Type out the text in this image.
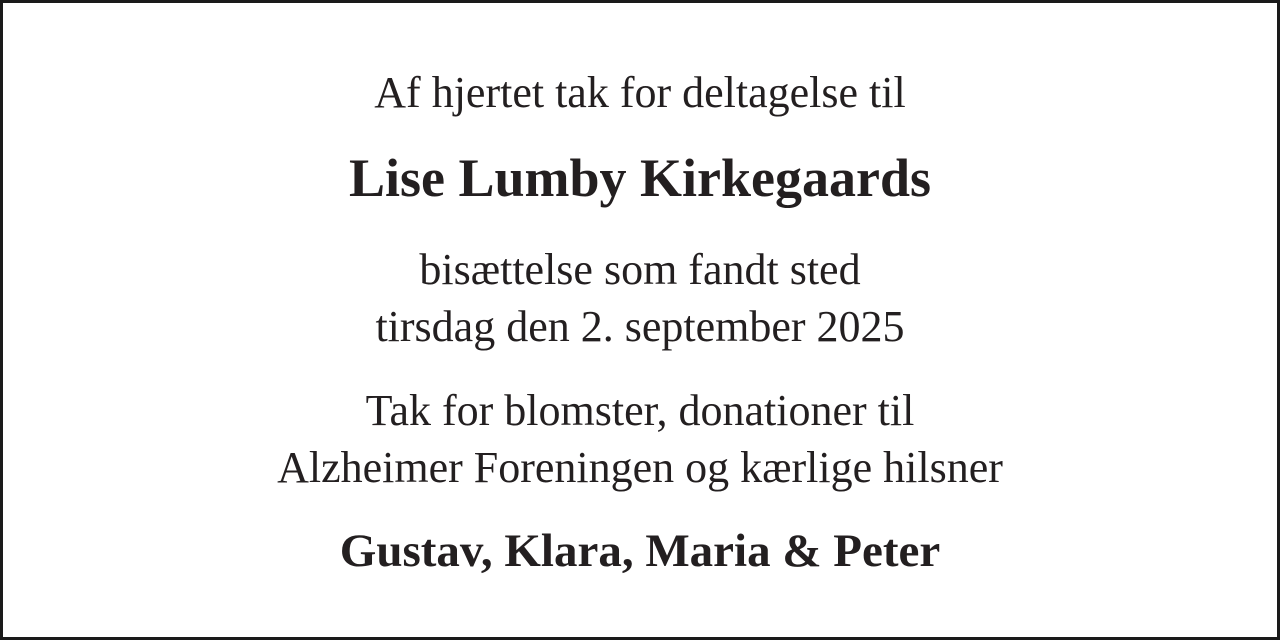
Af hjertet tak for deltagelse til
Lise Lumby Kirkegaards
bisættelse som fandt sted
tirsdag den 2. september 2025
Tak for blomster, donationer til
Alzheimer Foreningen og kærlige hilsner
Gustav, Klara, Maria & Peter
